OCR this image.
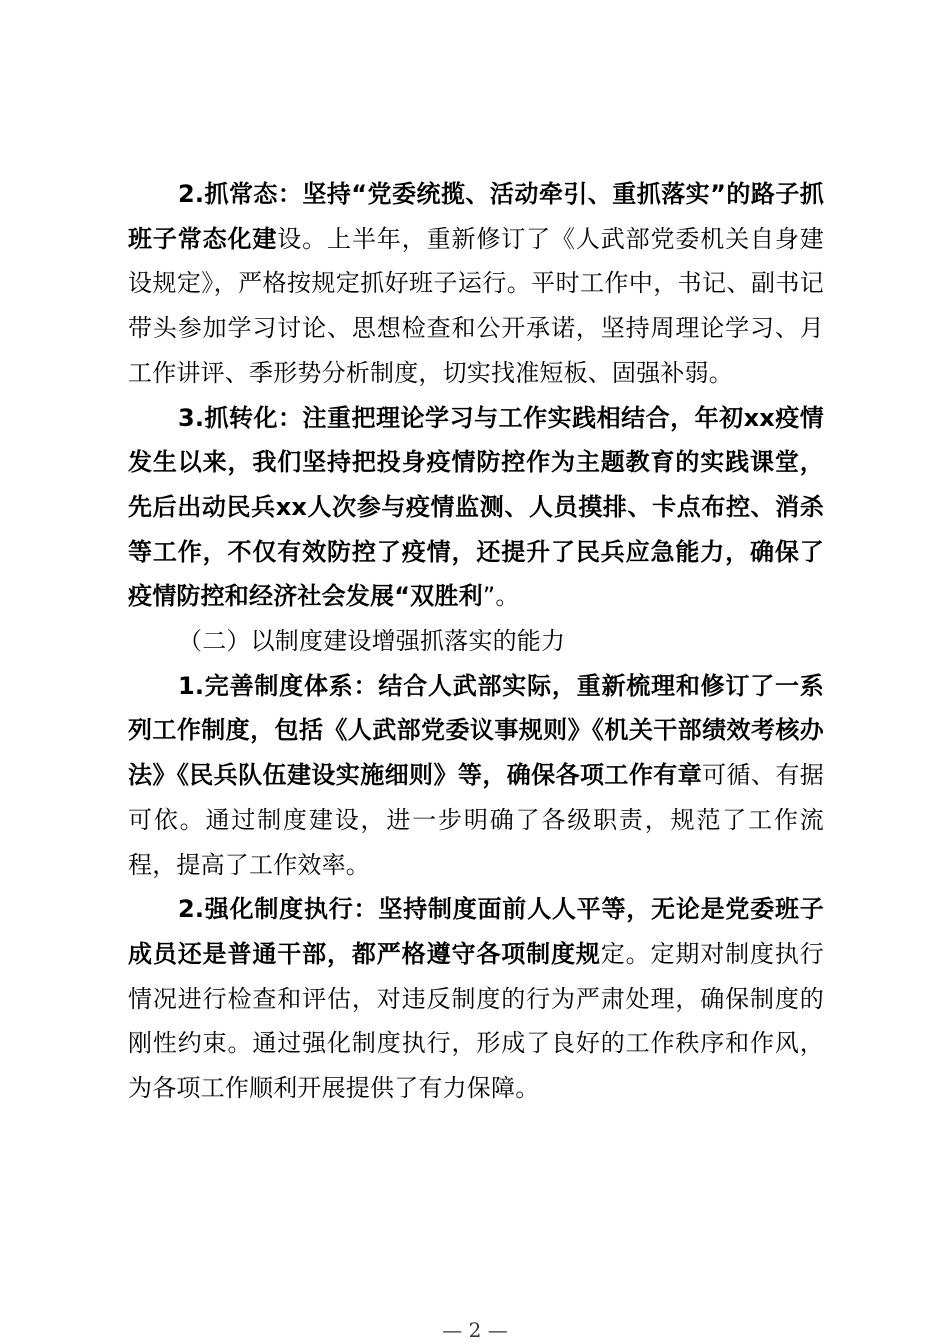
2.抓常态：坚持“党委统揽、活动牵引、重抓落实”的路子抓班子常态化建设。上半年，重新修订了《人武部党委机关自身建设规定》，严格按规定抓好班子运行。平时工作中，书记、副书记带头参加学习讨论、思想检查和公开承诺，坚持周理论学习、月工作讲评、季形势分析制度，切实找准短板、固强补弱。

3.抓转化：注重把理论学习与工作实践相结合，年初xx疫情发生以来，我们坚持把投身疫情防控作为主题教育的实践课堂，先后出动民兵xx人次参与疫情监测、人员摸排、卡点布控、消杀等工作，不仅有效防控了疫情，还提升了民兵应急能力，确保了疫情防控和经济社会发展“双胜利”。

（二）以制度建设增强抓落实的能力

1.完善制度体系：结合人武部实际，重新梳理和修订了一系列工作制度，包括《人武部党委议事规则》《机关干部绩效考核办法》《民兵队伍建设实施细则》等，确保各项工作有章可循、有据可依。通过制度建设，进一步明确了各级职责，规范了工作流程，提高了工作效率。

2.强化制度执行：坚持制度面前人人平等，无论是党委班子成员还是普通干部，都严格遵守各项制度规定。定期对制度执行情况进行检查和评估，对违反制度的行为严肃处理，确保制度的刚性约束。通过强化制度执行，形成了良好的工作秩序和作风，为各项工作顺利开展提供了有力保障。

— 2 —
